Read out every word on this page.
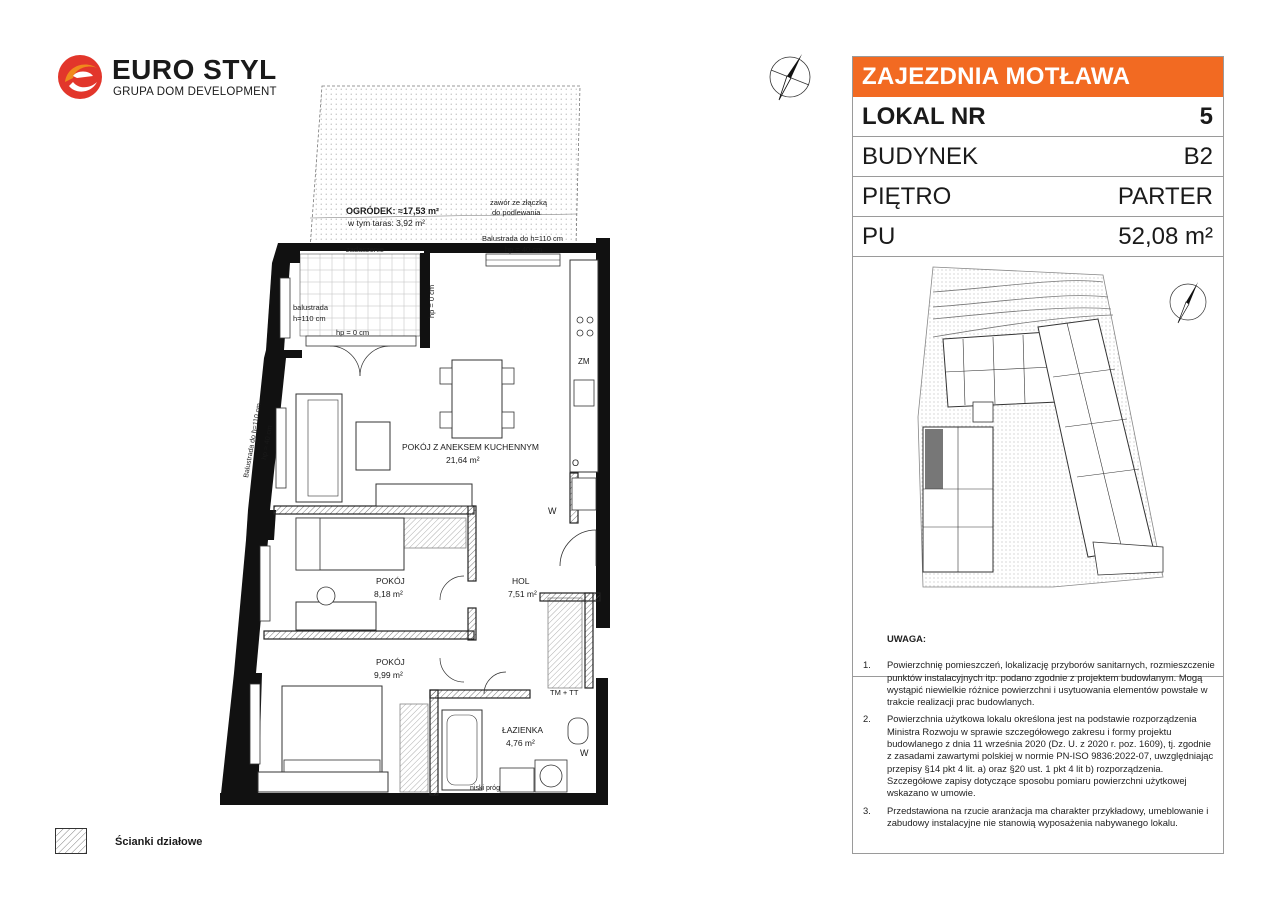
EURO STYL
GRUPA DOM DEVELOPMENT
ZAJEZDNIA MOTŁAWA
LOKAL NR	5
BUDYNEK	B2
PIĘTRO	PARTER
PU	52,08 m²
UWAGA:
1. Powierzchnię pomieszczeń, lokalizację przyborów sanitarnych, rozmieszczenie punktów instalacyjnych itp. podano zgodnie z projektem budowlanym. Mogą wystąpić niewielkie różnice powierzchni i usytuowania elementów powstałe w trakcie realizacji prac budowlanych.
2. Powierzchnia użytkowa lokalu określona jest na podstawie rozporządzenia Ministra Rozwoju w sprawie szczegółowego zakresu i formy projektu budowlanego z dnia 11 września 2020 (Dz. U. z 2020 r. poz. 1609), tj. zgodnie z zasadami zawartymi polskiej w normie PN-ISO 9836:2022-07, uwzględniając przepisy §14 pkt 4 lit. a) oraz §20 ust. 1 pkt 4 lit b) rozporządzenia. Szczegółowe zapisy dotyczące sposobu pomiaru powierzchni użytkowej wskazano w umowie.
3. Przedstawiona na rzucie aranżacja ma charakter przykładowy, umeblowanie i zabudowy instalacyjne nie stanowią wyposażenia nabywanego lokalu.
OGRÓDEK: ≈17,53 m²
w tym taras: 3,92 m²
zawór ze złączką
do podlewania
Balustrada do h=110 cm
hp = 40 cm
zadaszenie
balustrada
h=110 cm
hp = 0 cm
hp = 0 cm
ZM
O
W
W
TM + TT
niski próg
Balustrada do h=110 cm
hp = 40 cm	POKÓJ Z ANEKSEM KUCHENNYM
21,64 m²
POKÓJ
8,18 m²
HOL
7,51 m²
POKÓJ
9,99 m²
ŁAZIENKA
4,76 m²
Ścianki działowe
